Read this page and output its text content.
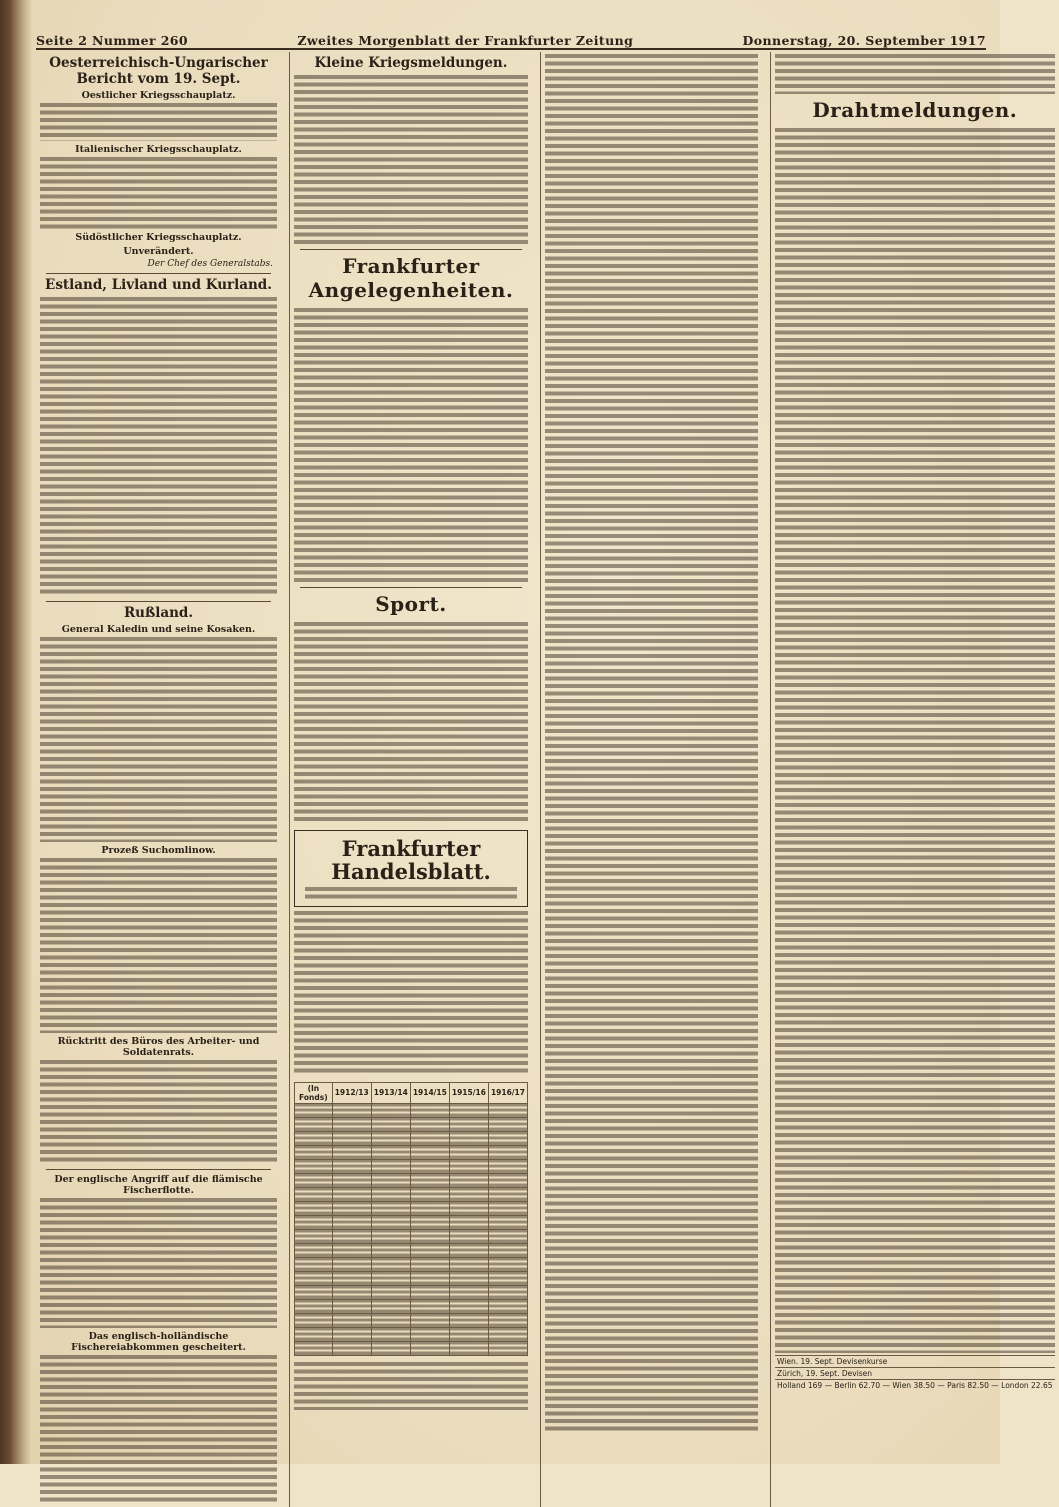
Seite 2 Nummer 260	Zweites Morgenblatt der Frankfurter Zeitung	Donnerstag, 20. September 1917
Oesterreichisch-Ungarischer Bericht vom 19. Sept.
Oestlicher Kriegsschauplatz.
Italienischer Kriegsschauplatz.
Südöstlicher Kriegsschauplatz.
Unverändert.
Der Chef des Generalstabs.
Estland, Livland und Kurland.
Rußland.
General Kaledin und seine Kosaken.
Prozeß Suchomlinow.
Rücktritt des Büros des Arbeiter- und Soldatenrats.
Der englische Angriff auf die flämische Fischerflotte.
Das englisch-holländische Fischereiabkommen gescheitert.
Kleine Kriegsmeldungen.
Frankfurter Angelegenheiten.
Sport.
Frankfurter Handelsblatt.
(In Fonds)	1912/13	1913/14	1914/15	1915/16	1916/17

Drahtmeldungen.
Wien. 19. Sept. Devisenkurse
Zürich, 19. Sept. Devisen
Holland 169 — Berlin 62.70 — Wien 38.50 — Paris 82.50 — London 22.65
